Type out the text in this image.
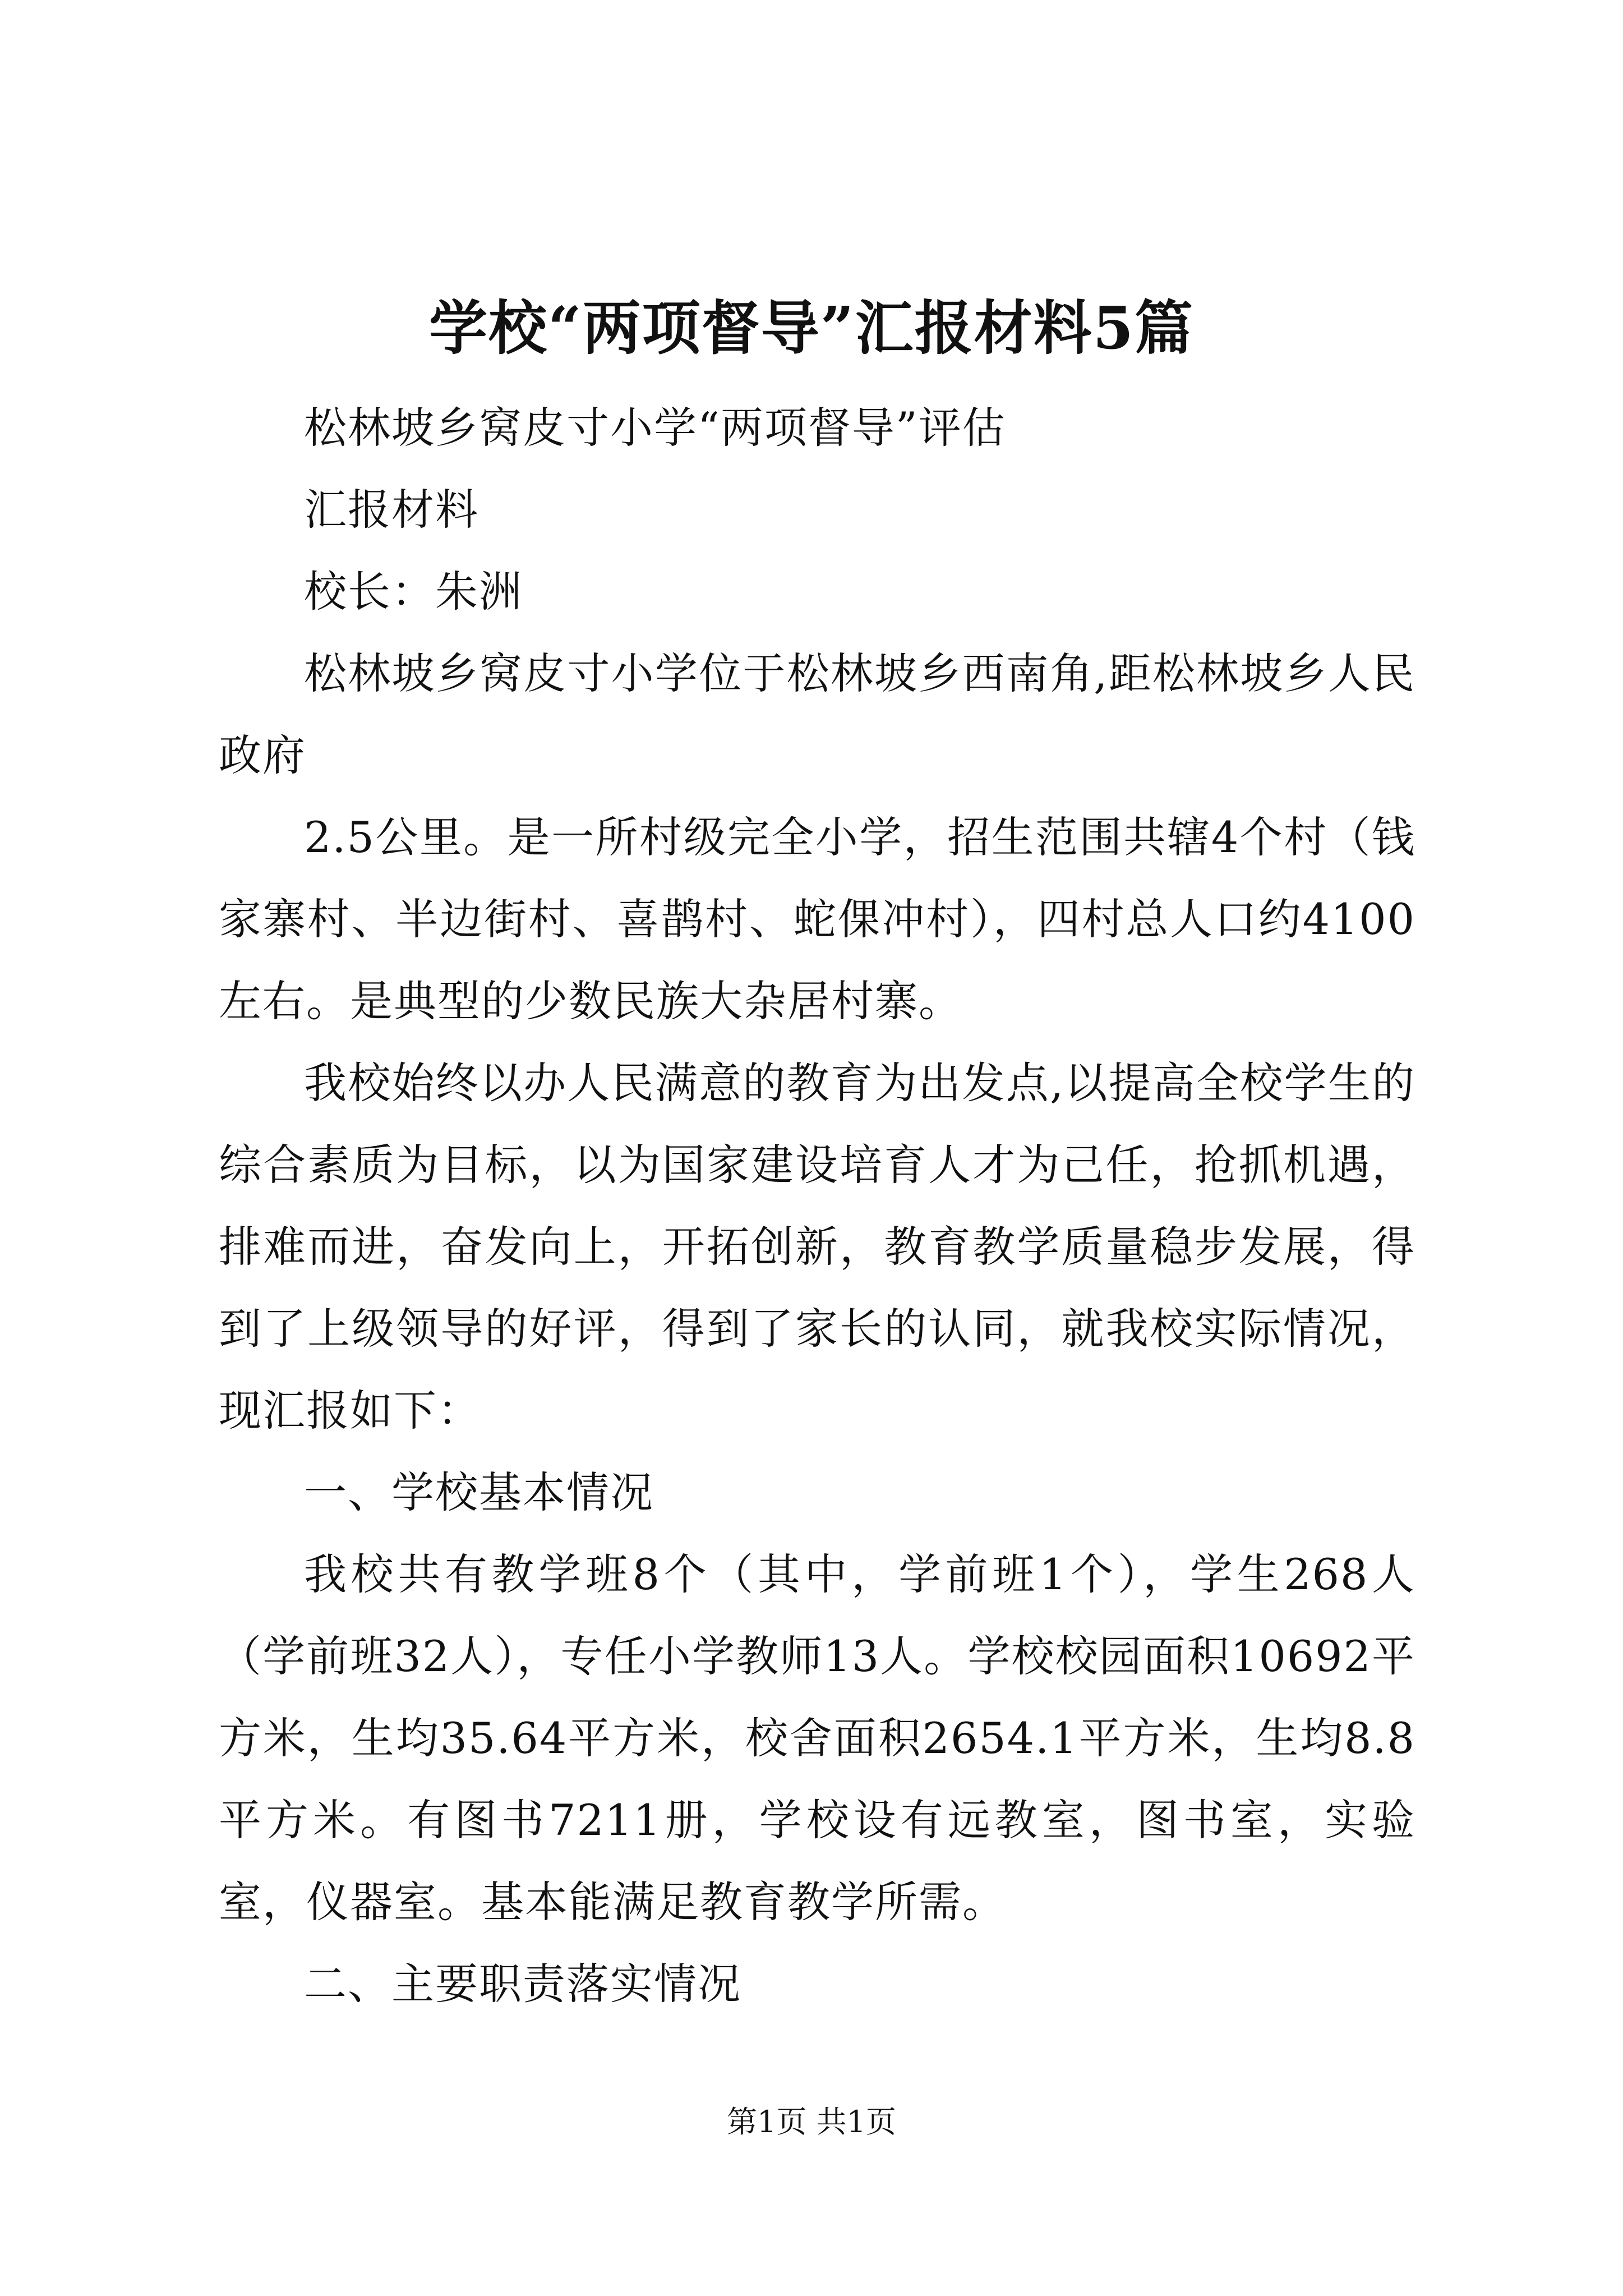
学校“两项督导”汇报材料5篇

松林坡乡窝皮寸小学“两项督导”评估

汇报材料

校长：朱洲

松林坡乡窝皮寸小学位于松林坡乡西南角,距松林坡乡人民政府

2.5公里。是一所村级完全小学，招生范围共辖4个村（钱家寨村、半边街村、喜鹊村、蛇倮冲村），四村总人口约4100左右。是典型的少数民族大杂居村寨。

我校始终以办人民满意的教育为出发点,以提高全校学生的综合素质为目标，以为国家建设培育人才为己任，抢抓机遇，排难而进，奋发向上，开拓创新，教育教学质量稳步发展，得到了上级领导的好评，得到了家长的认同，就我校实际情况，现汇报如下：

一、学校基本情况

我校共有教学班8个（其中，学前班1个），学生268人（学前班32人），专任小学教师13人。学校校园面积10692平方米，生均35.64平方米，校舍面积2654.1平方米，生均8.8平方米。有图书7211册，学校设有远教室，图书室，实验室，仪器室。基本能满足教育教学所需。

二、主要职责落实情况

第1页 共1页
